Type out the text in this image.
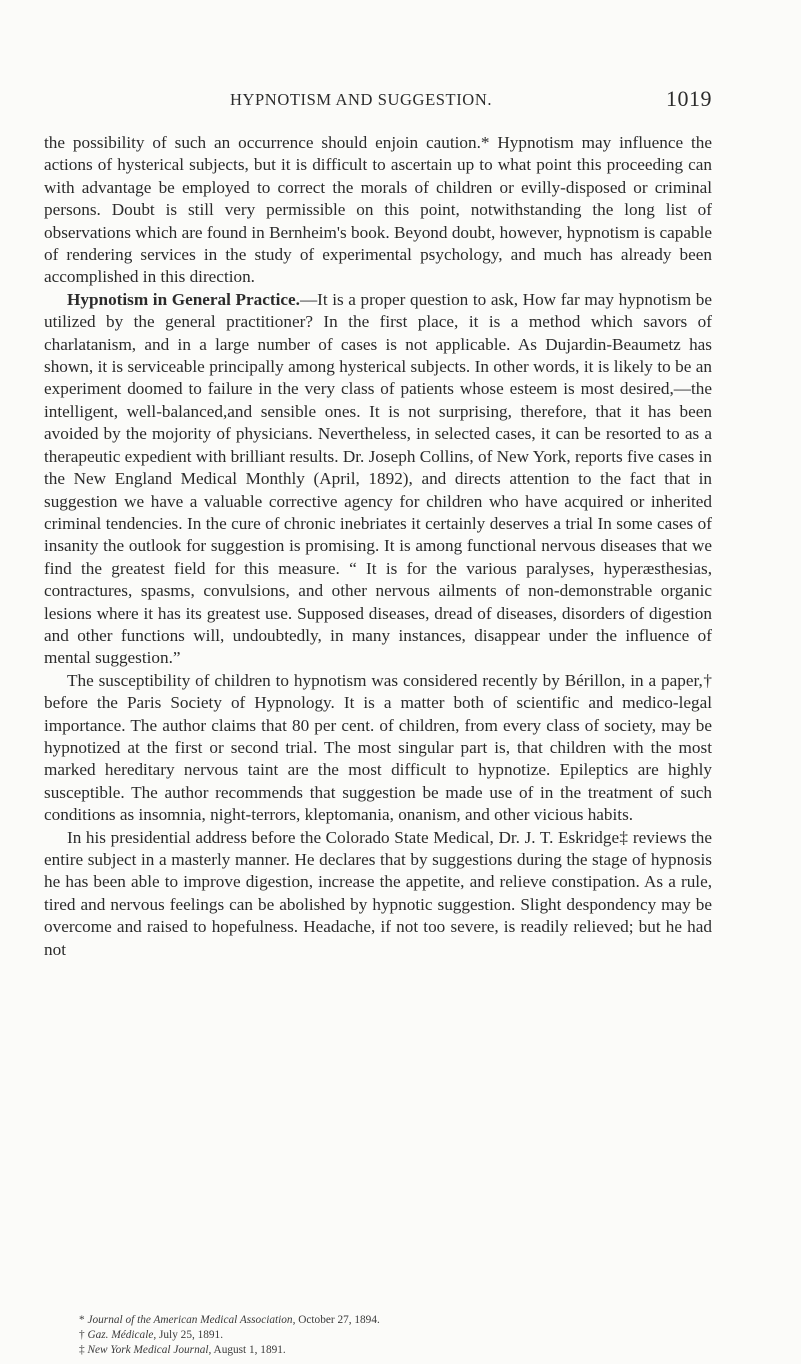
HYPNOTISM AND SUGGESTION.	1019

the possibility of such an occurrence should enjoin caution.* Hypnotism may influence the actions of hysterical subjects, but it is difficult to ascertain up to what point this proceeding can with advantage be employed to correct the morals of children or evilly-disposed or criminal persons. Doubt is still very permissible on this point, notwithstanding the long list of observations which are found in Bernheim's book. Beyond doubt, however, hypnotism is capable of rendering services in the study of experimental psychology, and much has already been accomplished in this direction.

Hypnotism in General Practice.—It is a proper question to ask, How far may hypnotism be utilized by the general practitioner? In the first place, it is a method which savors of charlatanism, and in a large number of cases is not applicable. As Dujardin-Beaumetz has shown, it is serviceable principally among hysterical subjects. In other words, it is likely to be an experiment doomed to failure in the very class of patients whose esteem is most desired,—the intelligent, well-balanced,and sensible ones. It is not surprising, therefore, that it has been avoided by the mojority of physicians. Nevertheless, in selected cases, it can be resorted to as a therapeutic expedient with brilliant results. Dr. Joseph Collins, of New York, reports five cases in the New England Medical Monthly (April, 1892), and directs attention to the fact that in suggestion we have a valuable corrective agency for children who have acquired or inherited criminal tendencies. In the cure of chronic inebriates it certainly deserves a trial In some cases of insanity the outlook for suggestion is promising. It is among functional nervous diseases that we find the greatest field for this measure. “ It is for the various paralyses, hyperæsthesias, contractures, spasms, convulsions, and other nervous ailments of non-demonstrable organic lesions where it has its greatest use. Supposed diseases, dread of diseases, disorders of digestion and other functions will, undoubtedly, in many instances, disappear under the influence of mental suggestion.”

The susceptibility of children to hypnotism was considered recently by Bérillon, in a paper,† before the Paris Society of Hypnology. It is a matter both of scientific and medico-legal importance. The author claims that 80 per cent. of children, from every class of society, may be hypnotized at the first or second trial. The most singular part is, that children with the most marked hereditary nervous taint are the most difficult to hypnotize. Epileptics are highly susceptible. The author recommends that suggestion be made use of in the treatment of such conditions as insomnia, night-terrors, kleptomania, onanism, and other vicious habits.

In his presidential address before the Colorado State Medical, Dr. J. T. Eskridge‡ reviews the entire subject in a masterly manner. He declares that by suggestions during the stage of hypnosis he has been able to improve digestion, increase the appetite, and relieve constipation. As a rule, tired and nervous feelings can be abolished by hypnotic suggestion. Slight despondency may be overcome and raised to hopefulness. Headache, if not too severe, is readily relieved; but he had not

* Journal of the American Medical Association, October 27, 1894.
† Gaz. Médicale, July 25, 1891.
‡ New York Medical Journal, August 1, 1891.
